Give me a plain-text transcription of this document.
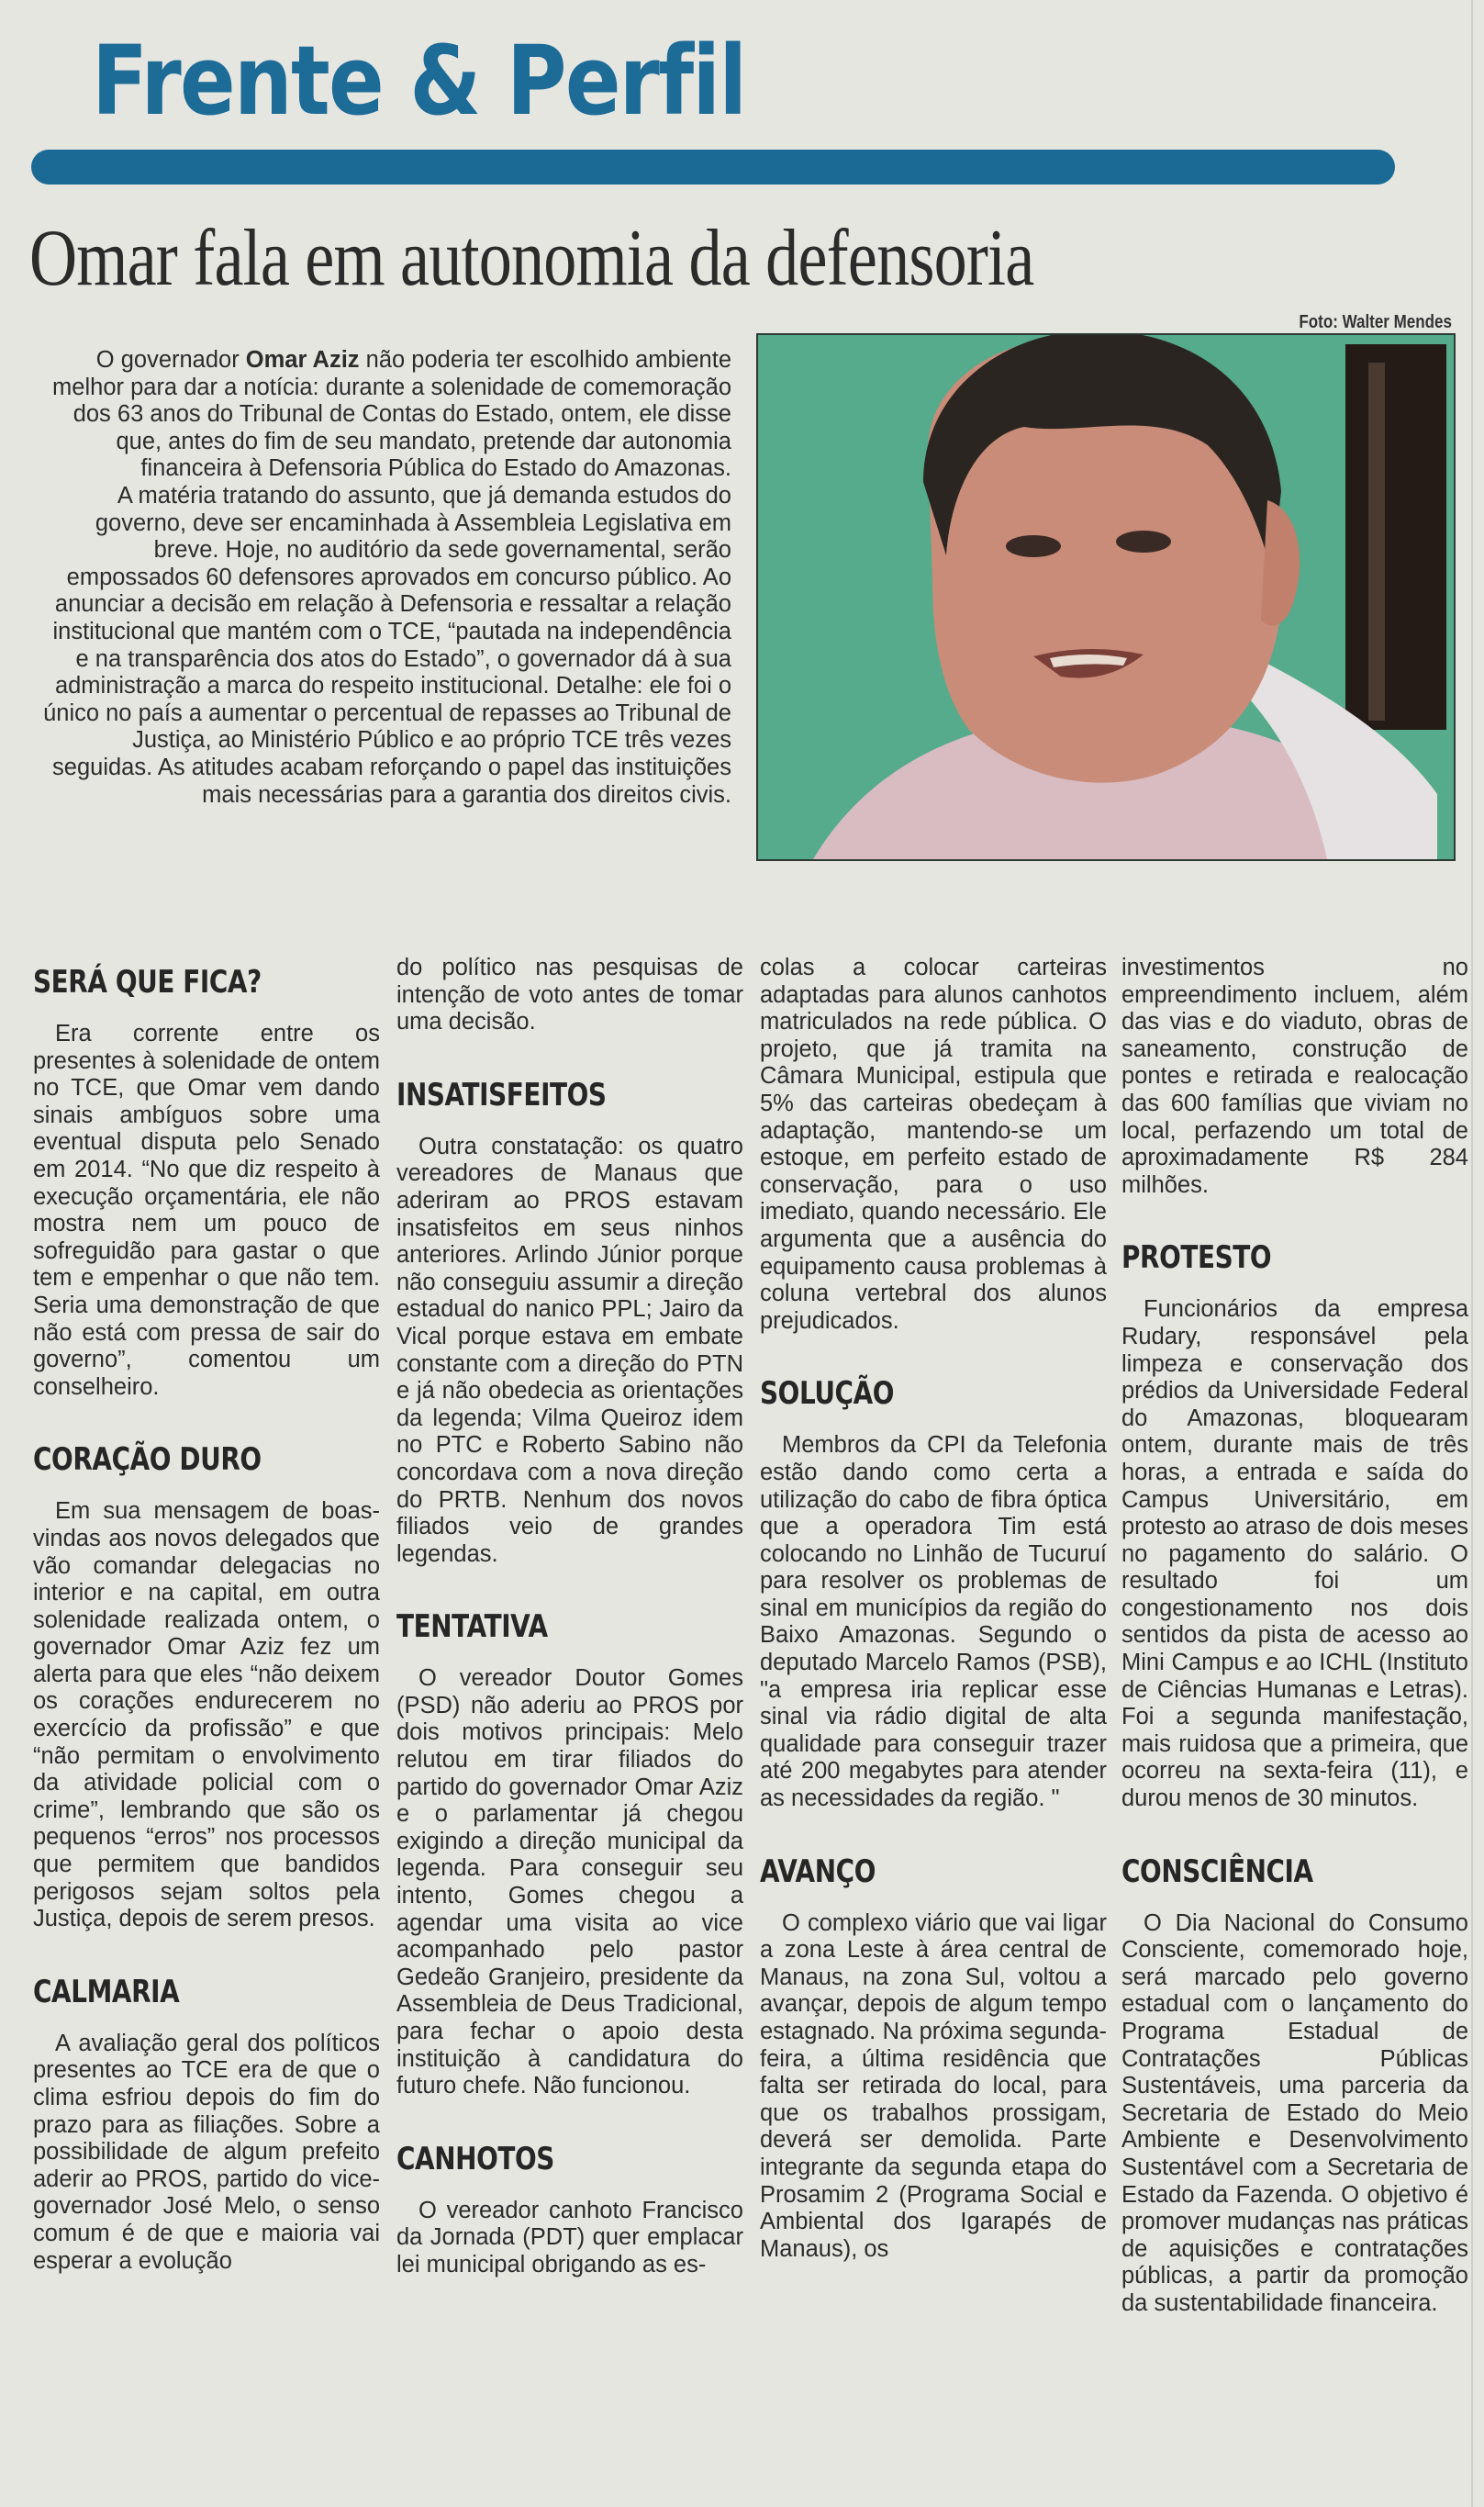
Frente & Perfil
Omar fala em autonomia da defensoria
Foto: Walter Mendes

O governador Omar Aziz não poderia ter escolhido ambiente melhor para dar a notícia: durante a solenidade de comemoração dos 63 anos do Tribunal de Contas do Estado, ontem, ele disse que, antes do fim de seu mandato, pretende dar autonomia financeira à Defensoria Pública do Estado do Amazonas.

A matéria tratando do assunto, que já demanda estudos do governo, deve ser encaminhada à Assembleia Legislativa em breve. Hoje, no auditório da sede governamental, serão empossados 60 defensores aprovados em concurso público. Ao anunciar a decisão em relação à Defensoria e ressaltar a relação institucional que mantém com o TCE, “pautada na independência e na transparência dos atos do Estado”, o governador dá à sua administração a marca do respeito institucional. Detalhe: ele foi o único no país a aumentar o percentual de repasses ao Tribunal de Justiça, ao Ministério Público e ao próprio TCE três vezes seguidas. As atitudes acabam reforçando o papel das instituições mais necessárias para a garantia dos direitos civis.

SERÁ QUE FICA?

Era corrente entre os presentes à solenidade de ontem no TCE, que Omar vem dando sinais ambíguos sobre uma eventual disputa pelo Senado em 2014. “No que diz respeito à execução orçamentária, ele não mostra nem um pouco de sofreguidão para gastar o que tem e empenhar o que não tem. Seria uma demonstração de que não está com pressa de sair do governo”, comentou um conselheiro.

CORAÇÃO DURO

Em sua mensagem de boas-vindas aos novos delegados que vão comandar delegacias no interior e na capital, em outra solenidade realizada ontem, o governador Omar Aziz fez um alerta para que eles “não deixem os corações endurecerem no exercício da profissão” e que “não permitam o envolvimento da atividade policial com o crime”, lembrando que são os pequenos “erros” nos processos que permitem que bandidos perigosos sejam soltos pela Justiça, depois de serem presos.

CALMARIA

A avaliação geral dos políticos presentes ao TCE era de que o clima esfriou depois do fim do prazo para as filiações. Sobre a possibilidade de algum prefeito aderir ao PROS, partido do vice-governador José Melo, o senso comum é de que e maioria vai esperar a evolução

do político nas pesquisas de intenção de voto antes de tomar uma decisão.

INSATISFEITOS

Outra constatação: os quatro vereadores de Manaus que aderiram ao PROS estavam insatisfeitos em seus ninhos anteriores. Arlindo Júnior porque não conseguiu assumir a direção estadual do nanico PPL; Jairo da Vical porque estava em embate constante com a direção do PTN e já não obedecia as orientações da legenda; Vilma Queiroz idem no PTC e Roberto Sabino não concordava com a nova direção do PRTB. Nenhum dos novos filiados veio de grandes legendas.

TENTATIVA

O vereador Doutor Gomes (PSD) não aderiu ao PROS por dois motivos principais: Melo relutou em tirar filiados do partido do governador Omar Aziz e o parlamentar já chegou exigindo a direção municipal da legenda. Para conseguir seu intento, Gomes chegou a agendar uma visita ao vice acompanhado pelo pastor Gedeão Granjeiro, presidente da Assembleia de Deus Tradicional, para fechar o apoio desta instituição à candidatura do futuro chefe. Não funcionou.

CANHOTOS

O vereador canhoto Francisco da Jornada (PDT) quer emplacar lei municipal obrigando as es-

colas a colocar carteiras adaptadas para alunos canhotos matriculados na rede pública. O projeto, que já tramita na Câmara Municipal, estipula que 5% das carteiras obedeçam à adaptação, mantendo-se um estoque, em perfeito estado de conservação, para o uso imediato, quando necessário. Ele argumenta que a ausência do equipamento causa problemas à coluna vertebral dos alunos prejudicados.

SOLUÇÃO

Membros da CPI da Telefonia estão dando como certa a utilização do cabo de fibra óptica que a operadora Tim está colocando no Linhão de Tucuruí para resolver os problemas de sinal em municípios da região do Baixo Amazonas. Segundo o deputado Marcelo Ramos (PSB), "a empresa iria replicar esse sinal via rádio digital de alta qualidade para conseguir trazer até 200 megabytes para atender as necessidades da região. "

AVANÇO

O complexo viário que vai ligar a zona Leste à área central de Manaus, na zona Sul, voltou a avançar, depois de algum tempo estagnado. Na próxima segunda-feira, a última residência que falta ser retirada do local, para que os trabalhos prossigam, deverá ser demolida. Parte integrante da segunda etapa do Prosamim 2 (Programa Social e Ambiental dos Igarapés de Manaus), os

investimentos no empreendimento incluem, além das vias e do viaduto, obras de saneamento, construção de pontes e retirada e realocação das 600 famílias que viviam no local, perfazendo um total de aproximadamente R$ 284 milhões.

PROTESTO

Funcionários da empresa Rudary, responsável pela limpeza e conservação dos prédios da Universidade Federal do Amazonas, bloquearam ontem, durante mais de três horas, a entrada e saída do Campus Universitário, em protesto ao atraso de dois meses no pagamento do salário. O resultado foi um congestionamento nos dois sentidos da pista de acesso ao Mini Campus e ao ICHL (Instituto de Ciências Humanas e Letras). Foi a segunda manifestação, mais ruidosa que a primeira, que ocorreu na sexta-feira (11), e durou menos de 30 minutos.

CONSCIÊNCIA

O Dia Nacional do Consumo Consciente, comemorado hoje, será marcado pelo governo estadual com o lançamento do Programa Estadual de Contratações Públicas Sustentáveis, uma parceria da Secretaria de Estado do Meio Ambiente e Desenvolvimento Sustentável com a Secretaria de Estado da Fazenda. O objetivo é promover mudanças nas práticas de aquisições e contratações públicas, a partir da promoção da sustentabilidade financeira.
